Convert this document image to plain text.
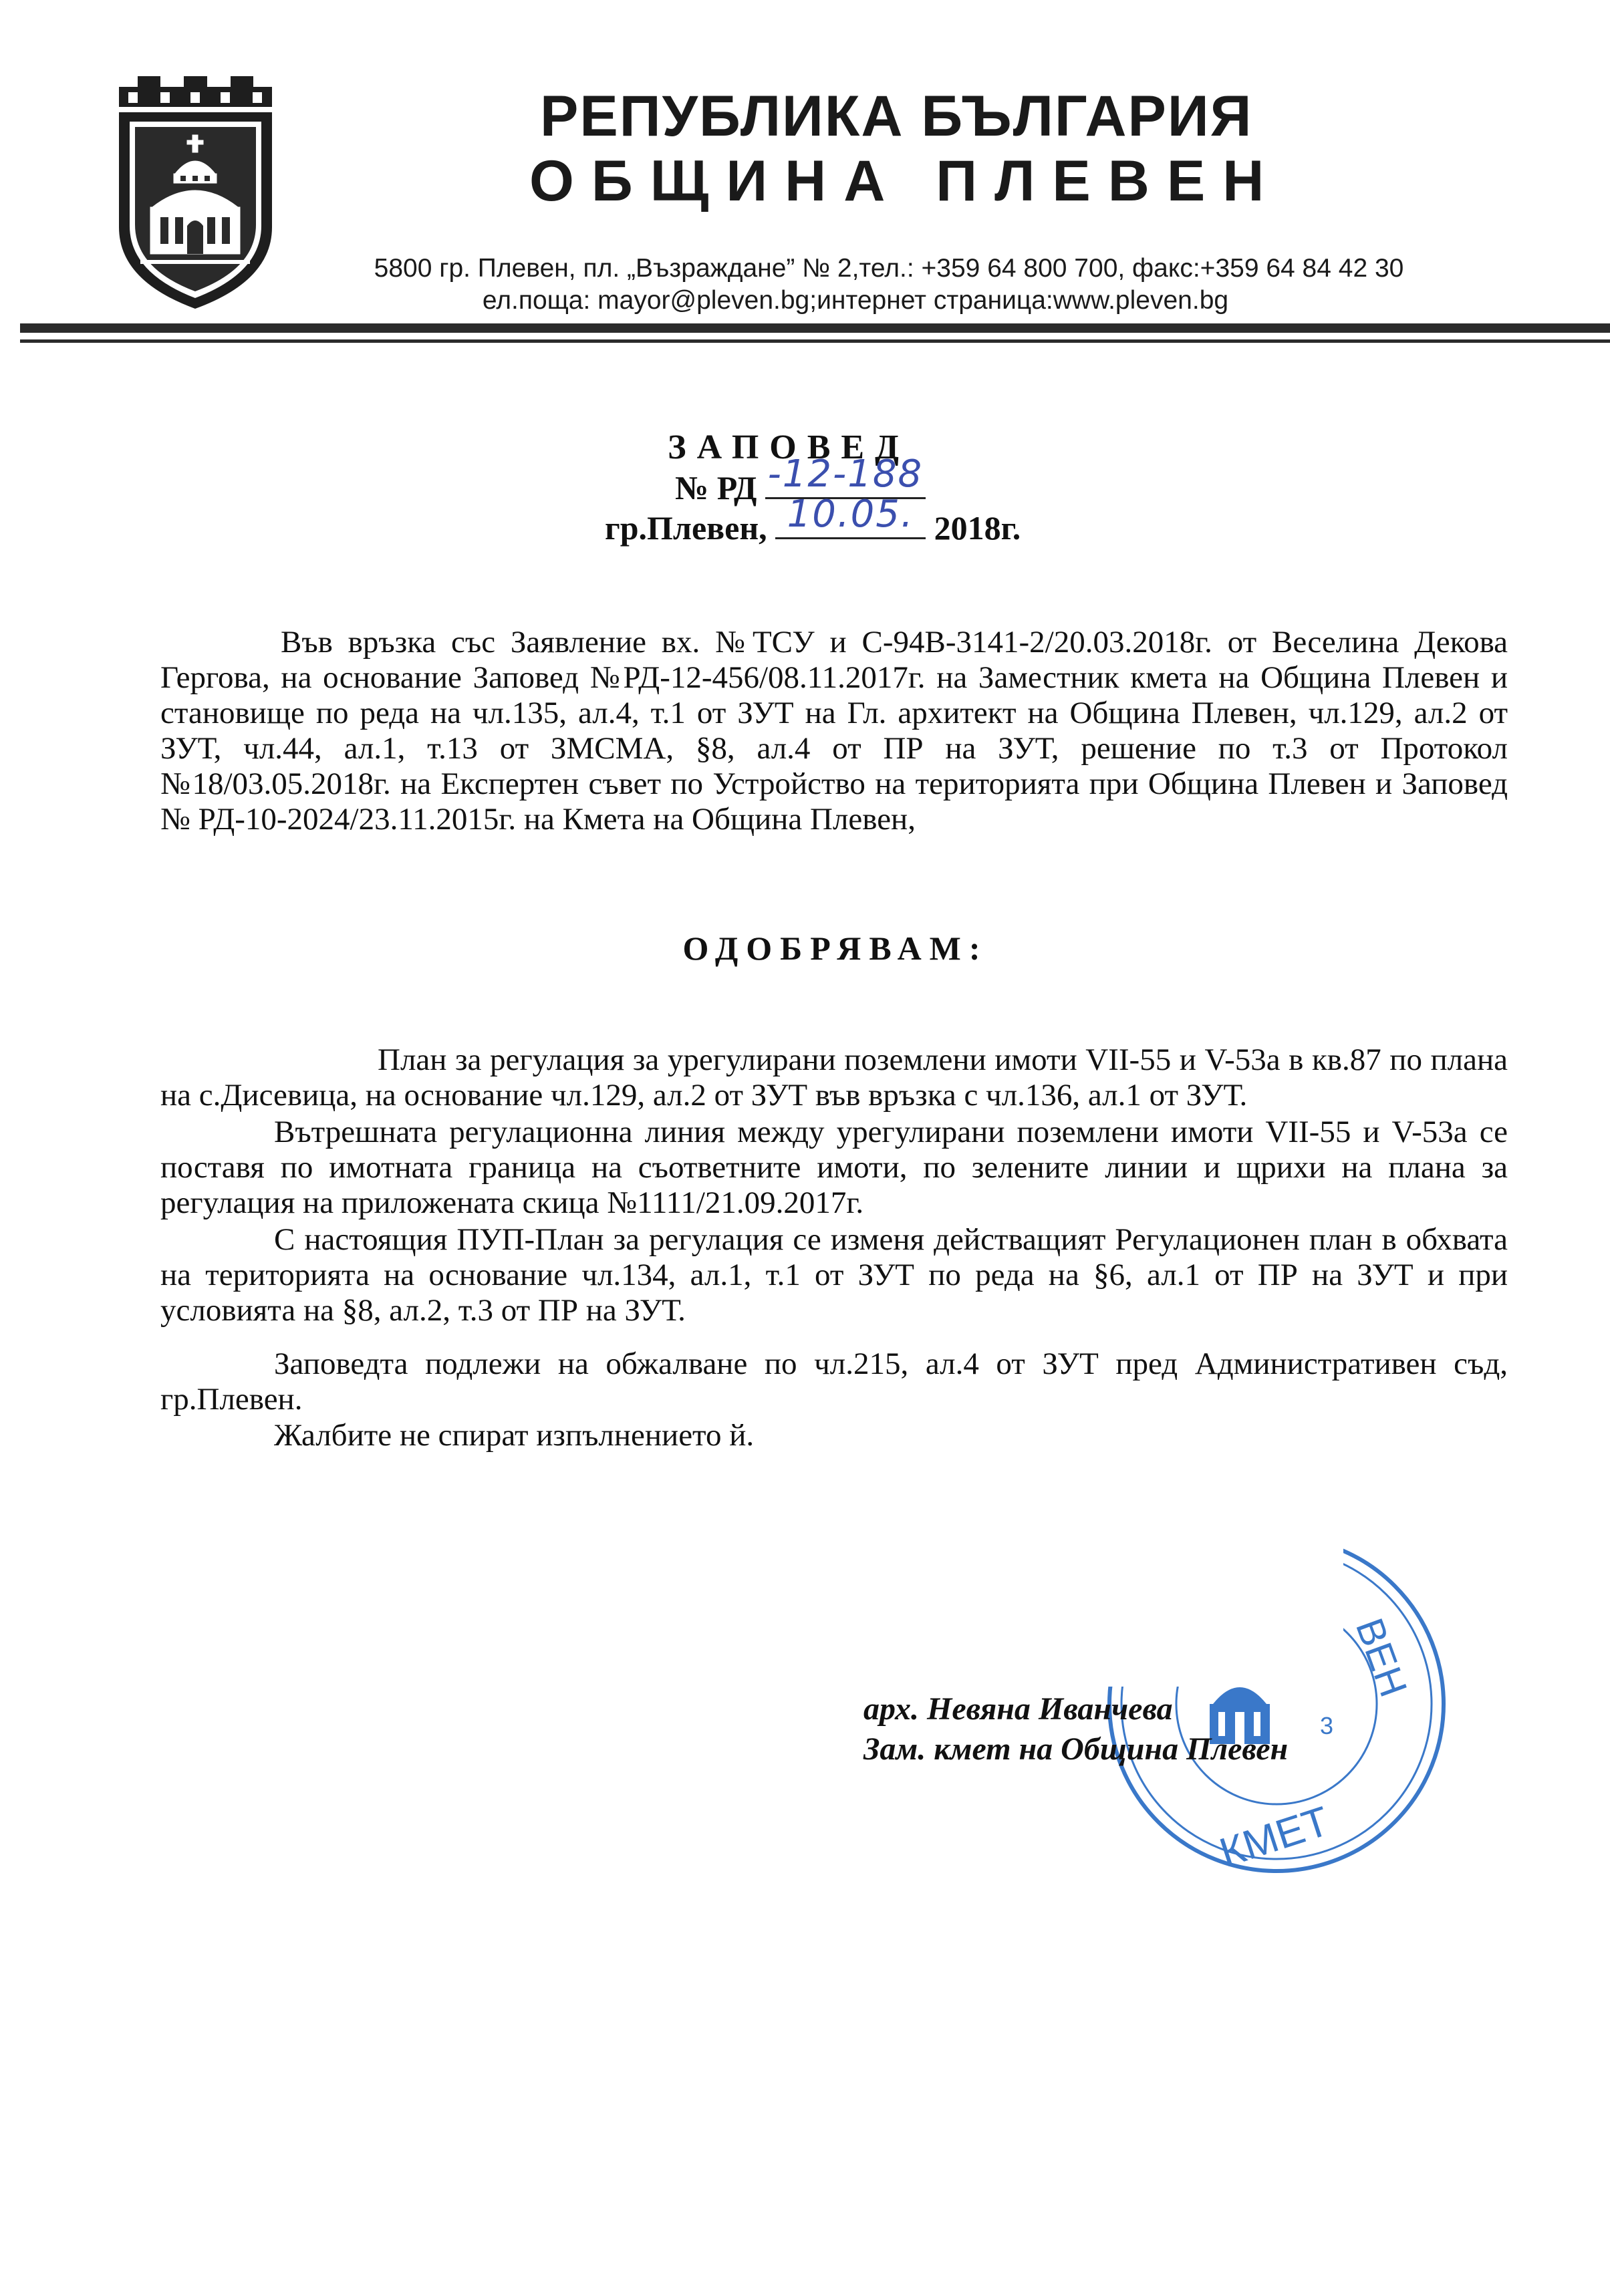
РЕПУБЛИКА БЪЛГАРИЯ
ОБЩИНА ПЛЕВЕН
5800 гр. Плевен, пл. „Възраждане” № 2,тел.: +359 64 800 700, факс:+359 64 84 42 30
ел.поща: mayor@pleven.bg;интернет страница:www.pleven.bg
ЗАПОВЕД
№ РД -12-188
гр.Плевен, 10.05. 2018г.
Във връзка със Заявление вх. №ТСУ и С-94В-3141-2/20.03.2018г. от Веселина Декова Гергова, на основание Заповед №РД-12-456/08.11.2017г. на Заместник кмета на Община Плевен и становище по реда на чл.135, ал.4, т.1 от ЗУТ на Гл. архитект на Община Плевен, чл.129, ал.2 от ЗУТ, чл.44, ал.1, т.13 от ЗМСМА, §8, ал.4 от ПР на ЗУТ, решение по т.3 от Протокол №18/03.05.2018г. на Експертен съвет по Устройство на територията при Община Плевен и Заповед № РД-10-2024/23.11.2015г. на Кмета на Община Плевен,
ОДОБРЯВАМ:
План за регулация за урегулирани поземлени имоти VII-55 и V-53а в кв.87 по плана на с.Дисевица, на основание чл.129, ал.2 от ЗУТ във връзка с чл.136, ал.1 от ЗУТ.
Вътрешната регулационна линия между урегулирани поземлени имоти VII-55 и V-53а се поставя по имотната граница на съответните имоти, по зелените линии и щрихи на плана за регулация на приложената скица №1111/21.09.2017г.
С настоящия ПУП-План за регулация се изменя действащият Регулационен план в обхвата на територията на основание чл.134, ал.1, т.1 от ЗУТ по реда на §6, ал.1 от ПР на ЗУТ и при условията на §8, ал.2, т.3 от ПР на ЗУТ.
Заповедта подлежи на обжалване по чл.215, ал.4 от ЗУТ пред Административен съд, гр.Плевен.
Жалбите не спират изпълнението й.
ВЕН
КМЕТ
3
арх. Невяна Иванчева
Зам. кмет на Община Плевен
